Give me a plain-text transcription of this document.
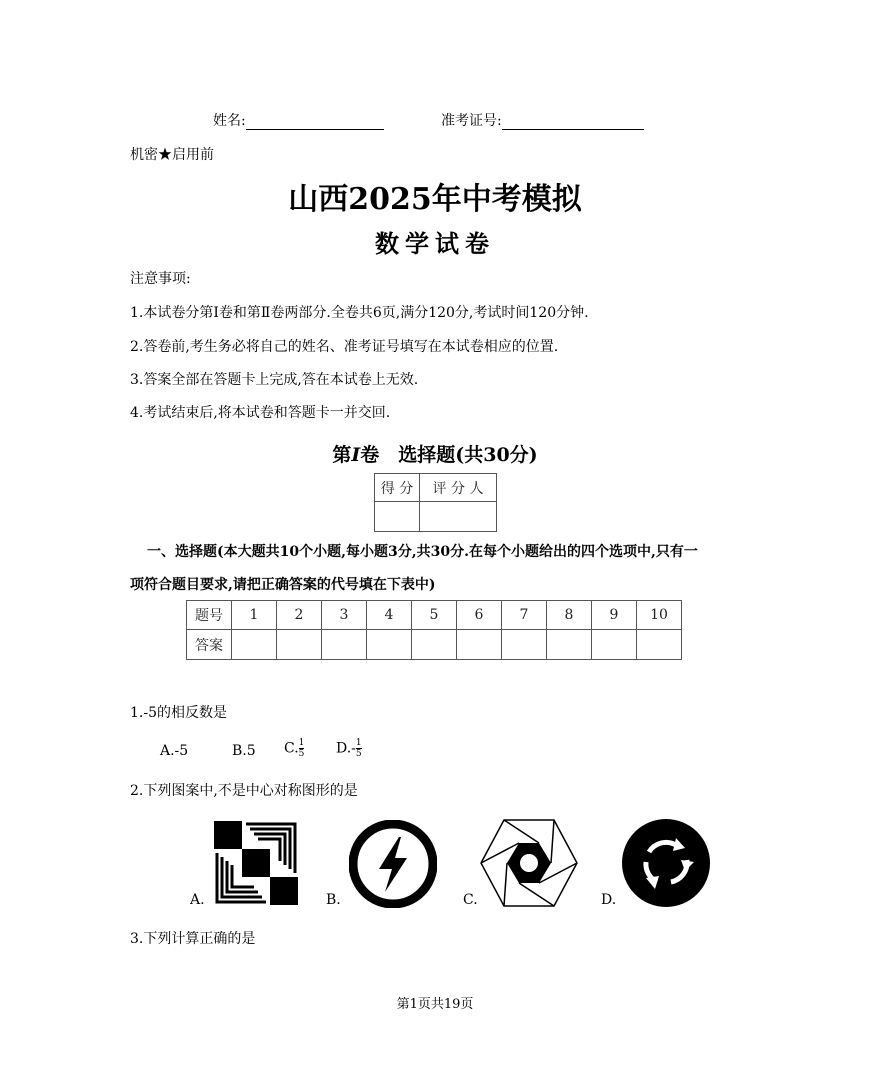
姓名:	准考证号:
机密★启用前
山西2025年中考模拟
数学试卷
注意事项:
1.本试卷分第Ⅰ卷和第Ⅱ卷两部分.全卷共6页,满分120分,考试时间120分钟.
2.答卷前,考生务必将自己的姓名、准考证号填写在本试卷相应的位置.
3.答案全部在答题卡上完成,答在本试卷上无效.
4.考试结束后,将本试卷和答题卡一并交回.
第I卷　选择题(共30分)
得 分	评 分 人

一、选择题(本大题共10个小题,每小题3分,共30分.在每个小题给出的四个选项中,只有一
项符合题目要求,请把正确答案的代号填在下表中)
题号	1	2	3	4	5	6	7	8	9	10
答案										
1.-5的相反数是
A.-5	B.5 C. $\frac{1}{5} D.- \frac{1}{5}$
2.下列图案中,不是中心对称图形的是
A.	B.	C.	D.
3.下列计算正确的是
第1页共19页
